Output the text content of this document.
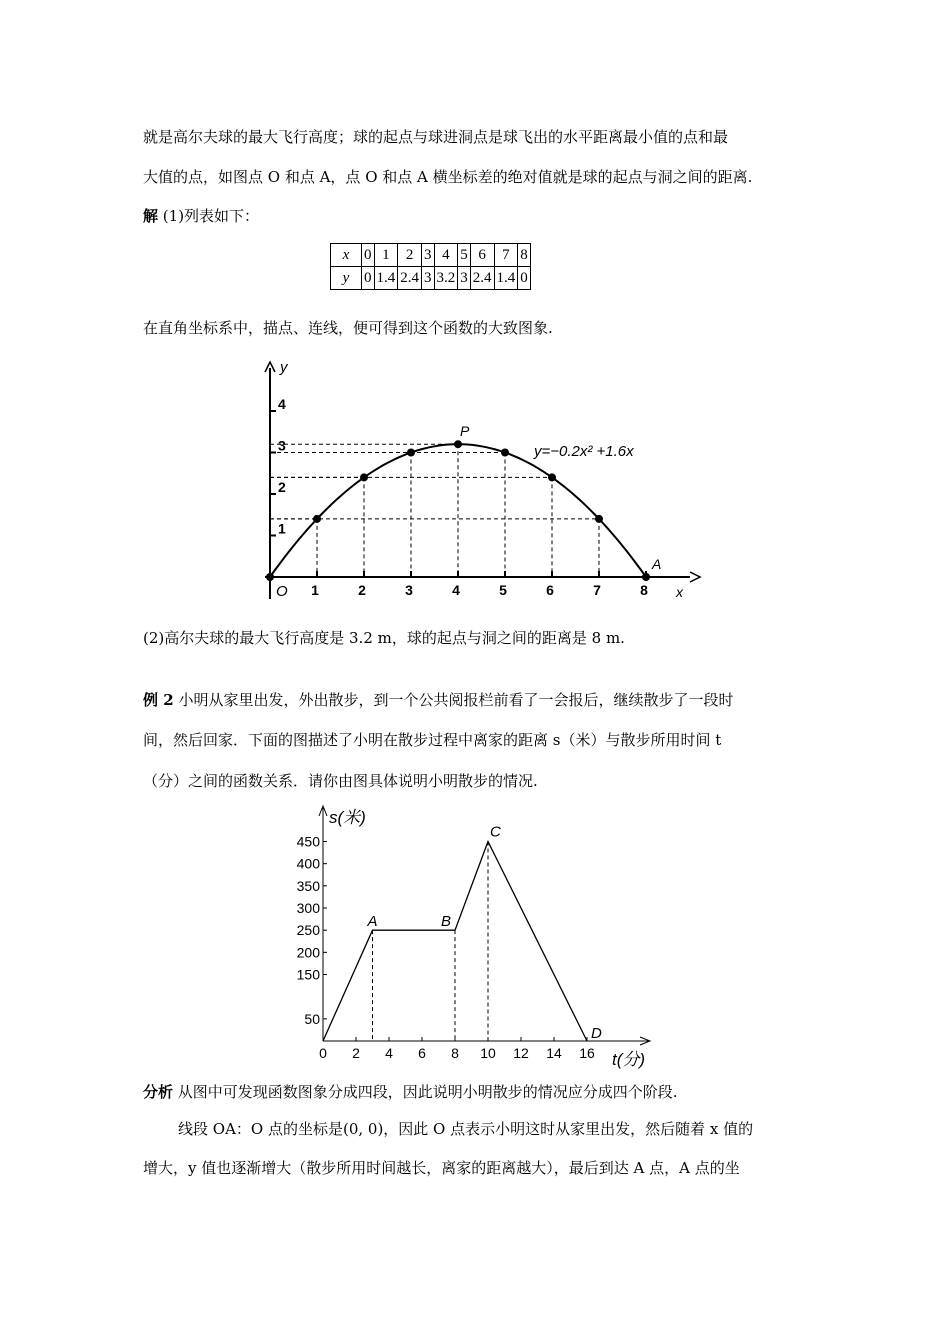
就是高尔夫球的最大飞行高度；球的起点与球进洞点是球飞出的水平距离最小值的点和最
大值的点，如图点 O 和点 A，点 O 和点 A 横坐标差的绝对值就是球的起点与洞之间的距离.
解 (1)列表如下：
x	0	1	2	3	4	5	6	7	8
y	0	1.4	2.4	3	3.2	3	2.4	1.4	0
在直角坐标系中，描点、连线，便可得到这个函数的大致图象.
1	2	3	4	5	6	7	8
1
2
3
4
y
x
O
P
A
y=−0.2x² +1.6x
(2)高尔夫球的最大飞行高度是 3.2 m，球的起点与洞之间的距离是 8 m.
例 2 小明从家里出发，外出散步，到一个公共阅报栏前看了一会报后，继续散步了一段时
间，然后回家．下面的图描述了小明在散步过程中离家的距离 s（米）与散步所用时间 t
（分）之间的函数关系．请你由图具体说明小明散步的情况.
0 2 4 6 8 10 12 14 16
50
150
200
250
300
350
400
450
A	B
C
D
s(米)
t(分)
分析 从图中可发现函数图象分成四段，因此说明小明散步的情况应分成四个阶段.
线段 OA：O 点的坐标是(0, 0)，因此 O 点表示小明这时从家里出发，然后随着 x 值的
增大，y 值也逐渐增大（散步所用时间越长，离家的距离越大），最后到达 A 点，A 点的坐
